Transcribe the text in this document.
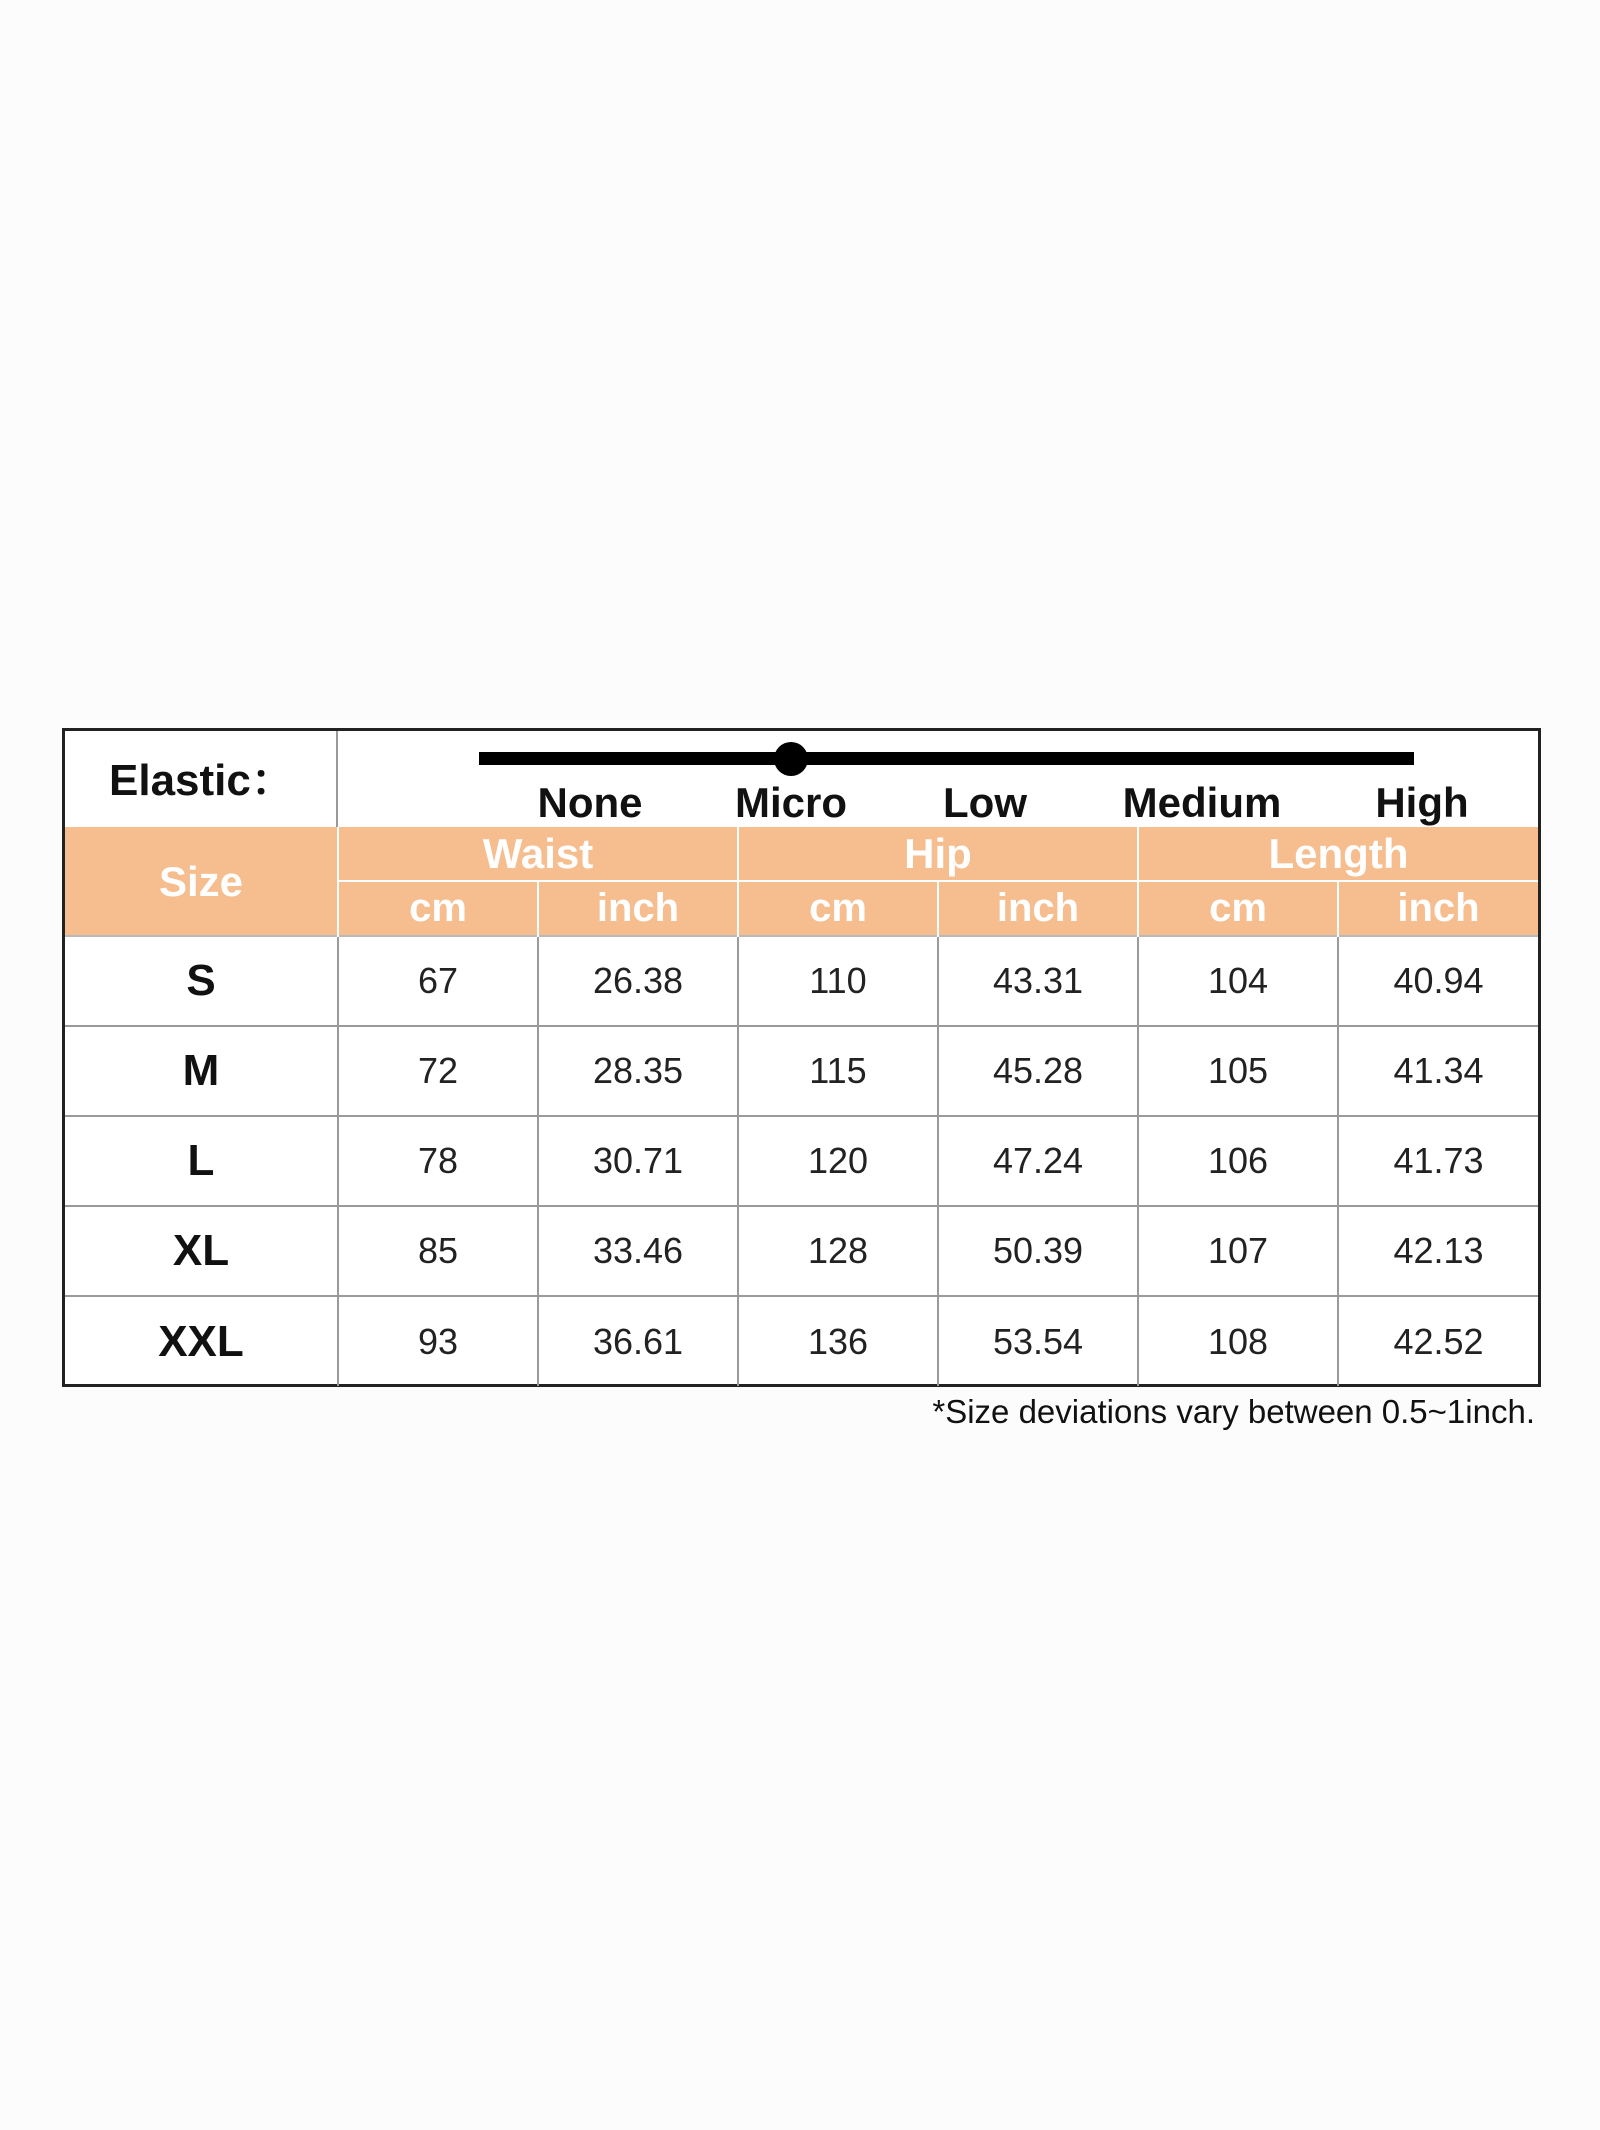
Elastic：	None Micro Low Medium High
Size	Waist		Hip		Length	
	cm	inch	cm	inch	cm	inch
S	67	26.38	110	43.31	104	40.94
M	72	28.35	115	45.28	105	41.34
L	78	30.71	120	47.24	106	41.73
XL	85	33.46	128	50.39	107	42.13
XXL	93	36.61	136	53.54	108	42.52
*Size deviations vary between 0.5~1inch.
